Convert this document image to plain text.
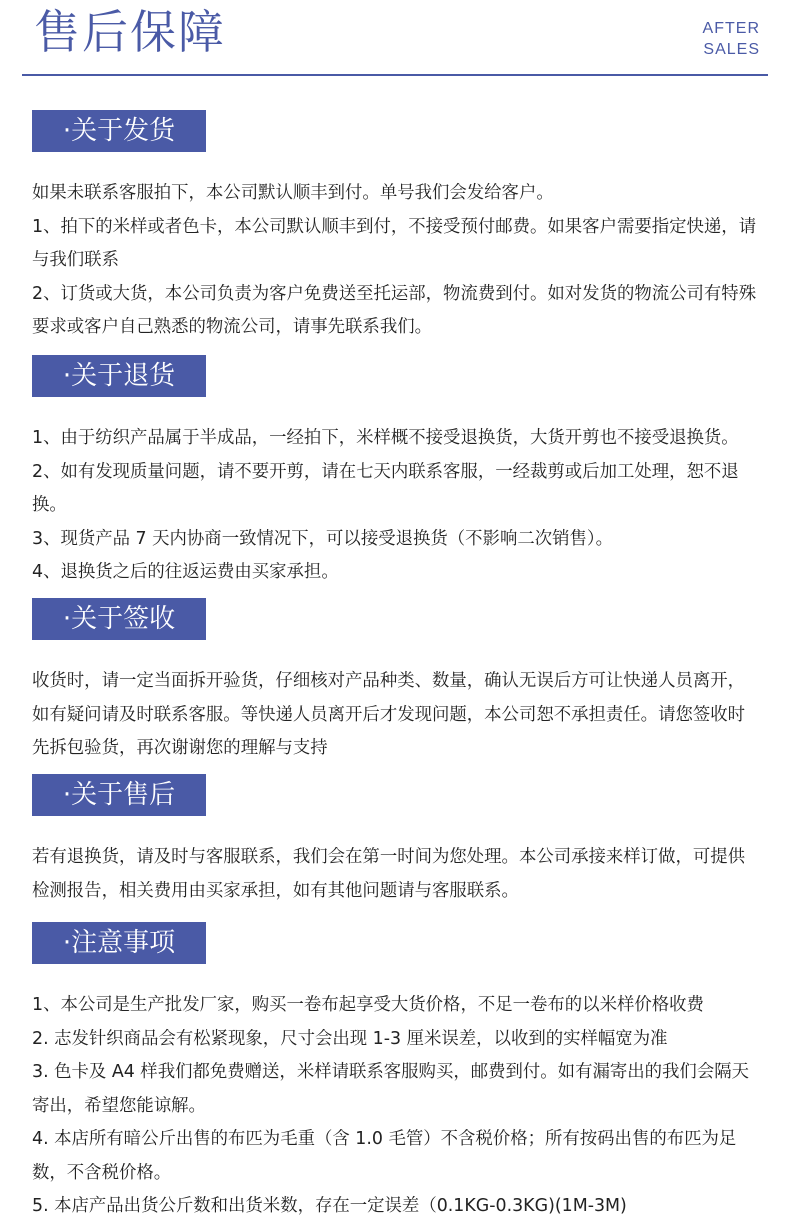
售后保障	AFTER
SALES
·关于发货

如果未联系客服拍下，本公司默认顺丰到付。单号我们会发给客户。

1、拍下的米样或者色卡，本公司默认顺丰到付，不接受预付邮费。如果客户需要指定快递，请与我们联系

2、订货或大货，本公司负责为客户免费送至托运部，物流费到付。如对发货的物流公司有特殊要求或客户自己熟悉的物流公司，请事先联系我们。

·关于退货

1、由于纺织产品属于半成品，一经拍下，米样概不接受退换货，大货开剪也不接受退换货。

2、如有发现质量问题，请不要开剪，请在七天内联系客服，一经裁剪或后加工处理，恕不退换。

3、现货产品 7 天内协商一致情况下，可以接受退换货（不影响二次销售）。

4、退换货之后的往返运费由买家承担。

·关于签收

收货时，请一定当面拆开验货，仔细核对产品种类、数量，确认无误后方可让快递人员离开，如有疑问请及时联系客服。等快递人员离开后才发现问题，本公司恕不承担责任。请您签收时先拆包验货，再次谢谢您的理解与支持

·关于售后

若有退换货，请及时与客服联系，我们会在第一时间为您处理。本公司承接来样订做，可提供检测报告，相关费用由买家承担，如有其他问题请与客服联系。

·注意事项

1、本公司是生产批发厂家，购买一卷布起享受大货价格，不足一卷布的以米样价格收费

2. 志发针织商品会有松紧现象，尺寸会出现 1-3 厘米误差，以收到的实样幅宽为准

3. 色卡及 A4 样我们都免费赠送，米样请联系客服购买，邮费到付。如有漏寄出的我们会隔天寄出，希望您能谅解。

4. 本店所有暗公斤出售的布匹为毛重（含 1.0 毛管）不含税价格；所有按码出售的布匹为足数，不含税价格。

5. 本店产品出货公斤数和出货米数，存在一定误差（0.1KG-0.3KG)(1M-3M)
